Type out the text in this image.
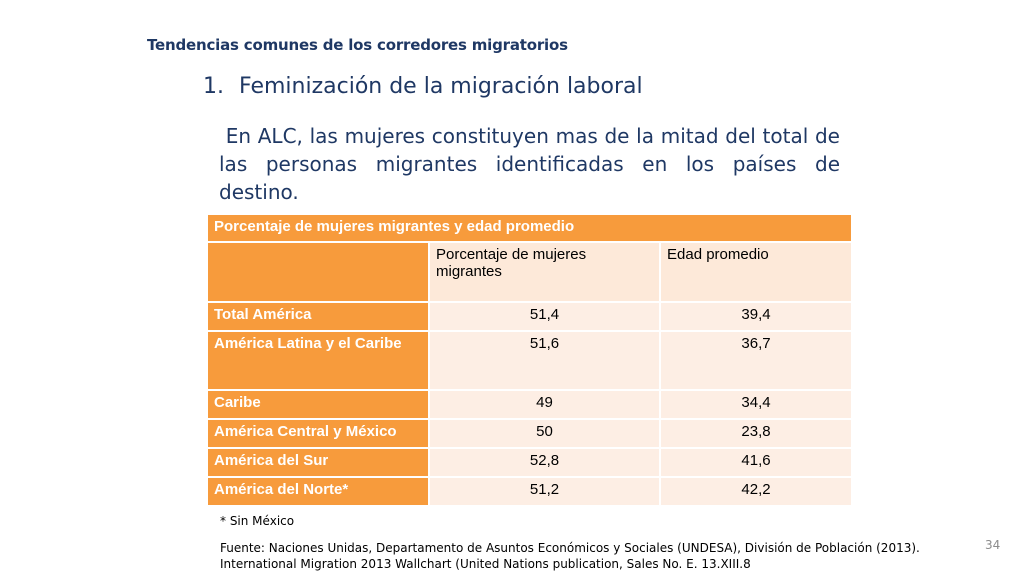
Tendencias comunes de los corredores migratorios
1. Feminización de la migración laboral
En ALC, las mujeres constituyen mas de la mitad del total de las personas migrantes identificadas en los países de destino.
Porcentaje de mujeres migrantes y edad promedio		
	Porcentaje de mujeres migrantes	Edad promedio
Total América	51,4	39,4
América Latina y el Caribe	51,6	36,7
Caribe	49	34,4
América Central y México	50	23,8
América del Sur	52,8	41,6
América del Norte*	51,2	42,2
* Sin México
Fuente: Naciones Unidas, Departamento de Asuntos Económicos y Sociales (UNDESA), División de Población (2013).
International Migration 2013 Wallchart (United Nations publication, Sales No. E. 13.XIII.8
34
